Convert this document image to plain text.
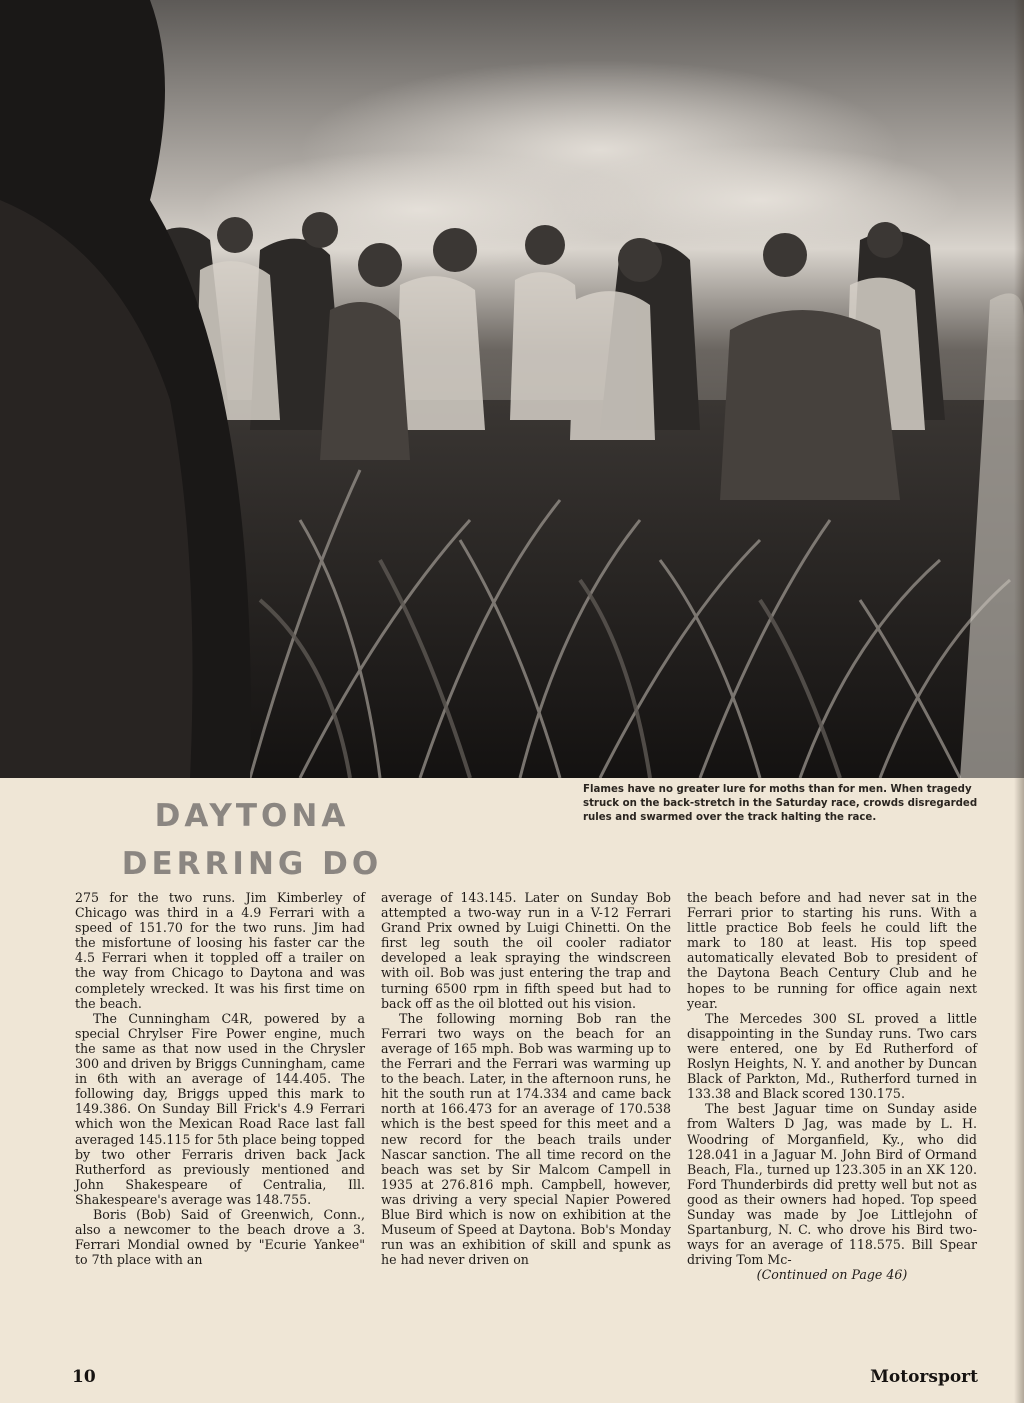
DAYTONA
DERRING DO
Flames have no greater lure for moths than for men. When tragedy struck on the back-stretch in the Saturday race, crowds disregarded rules and swarmed over the track halting the race.

275 for the two runs. Jim Kimberley of Chicago was third in a 4.9 Ferrari with a speed of 151.70 for the two runs. Jim had the misfortune of loosing his faster car the 4.5 Ferrari when it toppled off a trailer on the way from Chicago to Daytona and was completely wrecked. It was his first time on the beach.

The Cunningham C4R, powered by a special Chrylser Fire Power engine, much the same as that now used in the Chrysler 300 and driven by Briggs Cunningham, came in 6th with an average of 144.405. The following day, Briggs upped this mark to 149.386. On Sunday Bill Frick's 4.9 Ferrari which won the Mexican Road Race last fall averaged 145.115 for 5th place being topped by two other Ferraris driven back Jack Rutherford as previously mentioned and John Shakespeare of Centralia, Ill. Shakespeare's average was 148.755.

Boris (Bob) Said of Greenwich, Conn., also a newcomer to the beach drove a 3. Ferrari Mondial owned by "Ecurie Yankee" to 7th place with an

average of 143.145. Later on Sunday Bob attempted a two-way run in a V-12 Ferrari Grand Prix owned by Luigi Chinetti. On the first leg south the oil cooler radiator developed a leak spraying the windscreen with oil. Bob was just entering the trap and turning 6500 rpm in fifth speed but had to back off as the oil blotted out his vision.

The following morning Bob ran the Ferrari two ways on the beach for an average of 165 mph. Bob was warming up to the Ferrari and the Ferrari was warming up to the beach. Later, in the afternoon runs, he hit the south run at 174.334 and came back north at 166.473 for an average of 170.538 which is the best speed for this meet and a new record for the beach trails under Nascar sanction. The all time record on the beach was set by Sir Malcom Campell in 1935 at 276.816 mph. Campbell, however, was driving a very special Napier Powered Blue Bird which is now on exhibition at the Museum of Speed at Daytona. Bob's Monday run was an exhibition of skill and spunk as he had never driven on

the beach before and had never sat in the Ferrari prior to starting his runs. With a little practice Bob feels he could lift the mark to 180 at least. His top speed automatically elevated Bob to president of the Daytona Beach Century Club and he hopes to be running for office again next year.

The Mercedes 300 SL proved a little disappointing in the Sunday runs. Two cars were entered, one by Ed Rutherford of Roslyn Heights, N. Y. and another by Duncan Black of Parkton, Md., Rutherford turned in 133.38 and Black scored 130.175.

The best Jaguar time on Sunday aside from Walters D Jag, was made by L. H. Woodring of Morganfield, Ky., who did 128.041 in a Jaguar M. John Bird of Ormand Beach, Fla., turned up 123.305 in an XK 120. Ford Thunderbirds did pretty well but not as good as their owners had hoped. Top speed Sunday was made by Joe Littlejohn of Spartanburg, N. C. who drove his Bird two-ways for an average of 118.575. Bill Spear driving Tom Mc-

(Continued on Page 46)

10	Motorsport
